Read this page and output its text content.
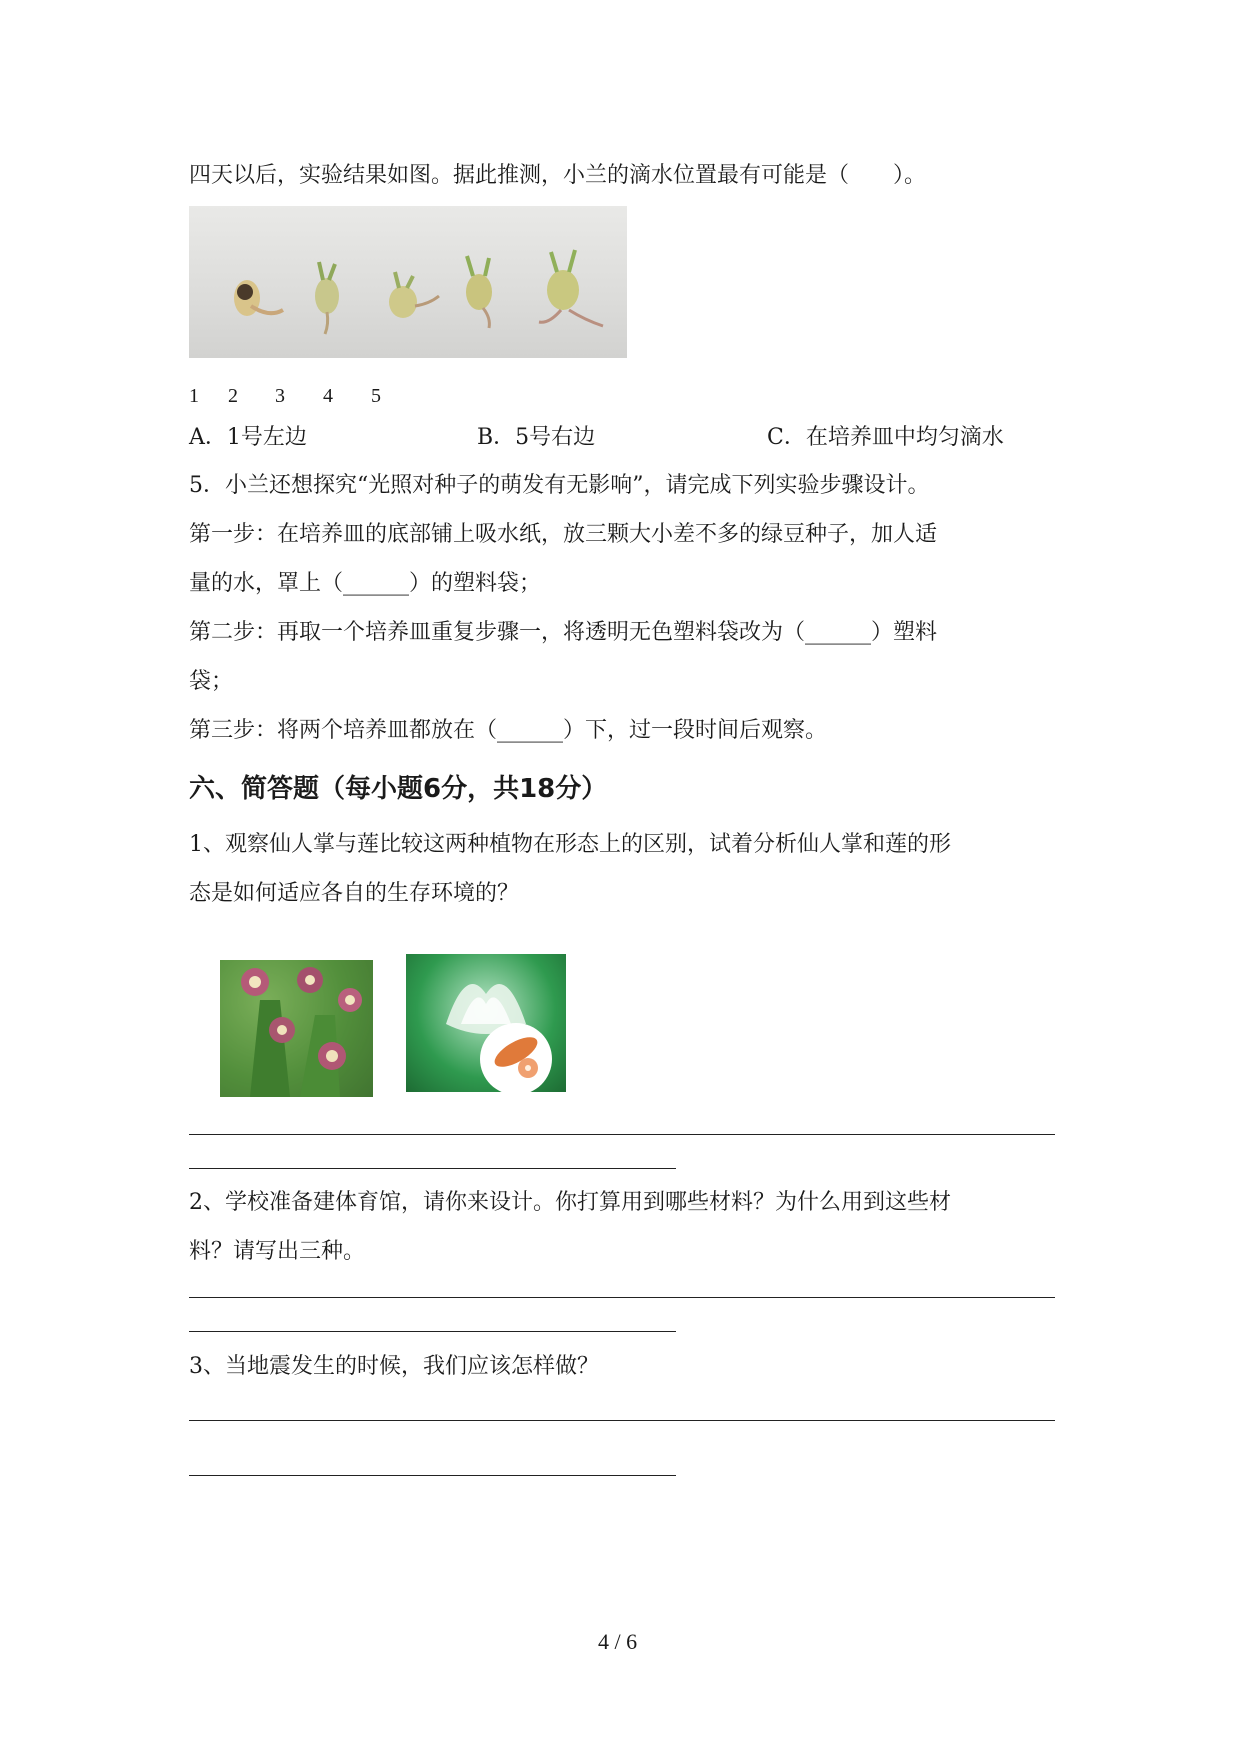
四天以后，实验结果如图。据此推测，小兰的滴水位置最有可能是（　　）。
1 2 3 4 5
A．1号左边	B．5号右边	C．在培养皿中均匀滴水
5．小兰还想探究“光照对种子的萌发有无影响”，请完成下列实验步骤设计。
第一步：在培养皿的底部铺上吸水纸，放三颗大小差不多的绿豆种子，加人适
量的水，罩上（______）的塑料袋；
第二步：再取一个培养皿重复步骤一，将透明无色塑料袋改为（______）塑料
袋；
第三步：将两个培养皿都放在（______）下，过一段时间后观察。
六、简答题（每小题6分，共18分）
1、观察仙人掌与莲比较这两种植物在形态上的区别，试着分析仙人掌和莲的形
态是如何适应各自的生存环境的？
2、学校准备建体育馆，请你来设计。你打算用到哪些材料？为什么用到这些材
料？请写出三种。
3、当地震发生的时候，我们应该怎样做？
4 / 6
